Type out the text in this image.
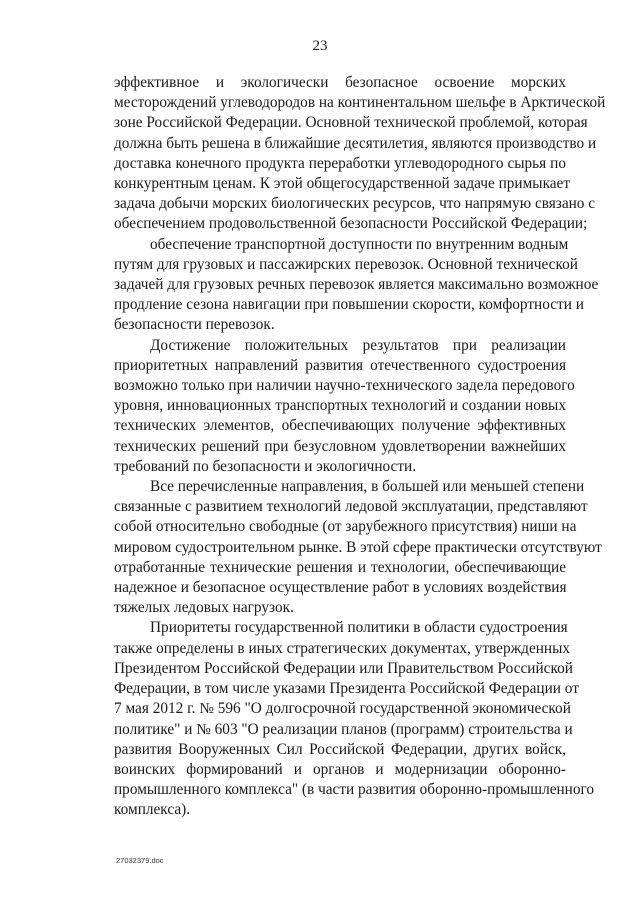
23
эффективное и экологически безопасное освоение морских
месторождений углеводородов на континентальном шельфе в Арктической
зоне Российской Федерации. Основной технической проблемой, которая
должна быть решена в ближайшие десятилетия, являются производство и
доставка конечного продукта переработки углеводородного сырья по
конкурентным ценам. К этой общегосударственной задаче примыкает
задача добычи морских биологических ресурсов, что напрямую связано с
обеспечением продовольственной безопасности Российской Федерации;
обеспечение транспортной доступности по внутренним водным
путям для грузовых и пассажирских перевозок. Основной технической
задачей для грузовых речных перевозок является максимально возможное
продление сезона навигации при повышении скорости, комфортности и
безопасности перевозок.
Достижение положительных результатов при реализации
приоритетных направлений развития отечественного судостроения
возможно только при наличии научно-технического задела передового
уровня, инновационных транспортных технологий и создании новых
технических элементов, обеспечивающих получение эффективных
технических решений при безусловном удовлетворении важнейших
требований по безопасности и экологичности.
Все перечисленные направления, в большей или меньшей степени
связанные с развитием технологий ледовой эксплуатации, представляют
собой относительно свободные (от зарубежного присутствия) ниши на
мировом судостроительном рынке. В этой сфере практически отсутствуют
отработанные технические решения и технологии, обеспечивающие
надежное и безопасное осуществление работ в условиях воздействия
тяжелых ледовых нагрузок.
Приоритеты государственной политики в области судостроения
также определены в иных стратегических документах, утвержденных
Президентом Российской Федерации или Правительством Российской
Федерации, в том числе указами Президента Российской Федерации от
7 мая 2012 г. № 596 "О долгосрочной государственной экономической
политике" и № 603 "О реализации планов (программ) строительства и
развития Вооруженных Сил Российской Федерации, других войск,
воинских формирований и органов и модернизации оборонно-
промышленного комплекса" (в части развития оборонно-промышленного
комплекса).
27032379.doc
